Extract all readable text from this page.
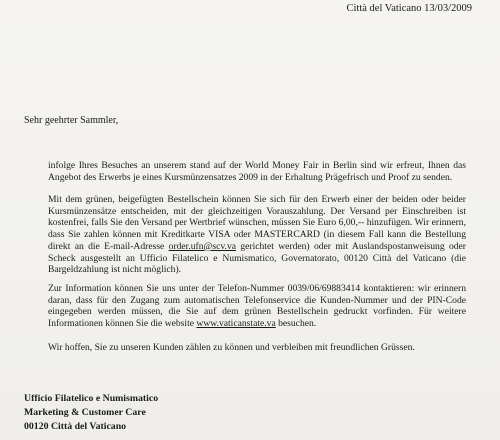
Città del Vaticano 13/03/2009
Sehr geehrter Sammler,

infolge Ihres Besuches an unserem stand auf der World Money Fair in Berlin sind wir erfreut, Ihnen das Angebot des Erwerbs je eines Kursmünzensatzes 2009 in der Erhaltung Prägefrisch und Proof zu senden.

Mit dem grünen, beigefügten Bestellschein können Sie sich für den Erwerb einer der beiden oder beider Kursmünzensätze entscheiden, mit der gleichzeitigen Vorauszahlung. Der Versand per Einschreiben ist kostenfrei, falls Sie den Versand per Wertbrief wünschen, müssen Sie Euro 6,00,-- hinzufügen. Wir erinnern, dass Sie zahlen können mit Kreditkarte VISA oder MASTERCARD (in diesem Fall kann die Bestellung direkt an die E-mail-Adresse order.ufn@scv.va gerichtet werden) oder mit Auslandspostanweisung oder Scheck ausgestellt an Ufficio Filatelico e Numismatico, Governatorato, 00120 Città del Vaticano (die Bargeldzahlung ist nicht möglich).

Zur Information können Sie uns unter der Telefon-Nummer 0039/06/69883414 kontaktieren: wir erinnern daran, dass für den Zugang zum automatischen Telefonservice die Kunden-Nummer und der PIN-Code eingegeben werden müssen, die Sie auf dem grünen Bestellschein gedruckt vorfinden. Für weitere Informationen können Sie die website www.vaticanstate.va besuchen.

Wir hoffen, Sie zu unseren Kunden zählen zu können und verbleiben mit freundlichen Grüssen.

Ufficio Filatelico e Numismatico
Marketing & Customer Care
00120 Città del Vaticano
